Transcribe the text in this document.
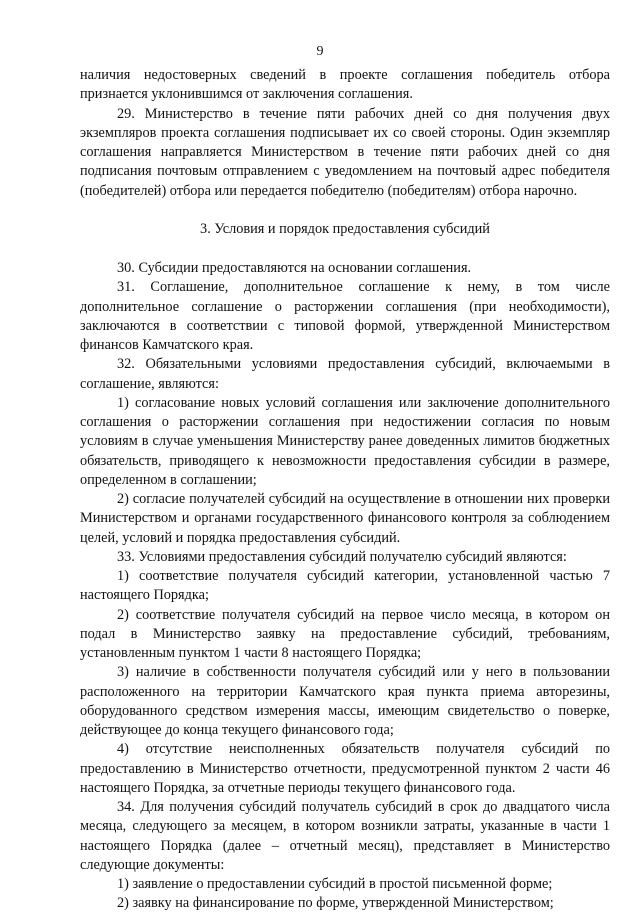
9

наличия недостоверных сведений в проекте соглашения победитель отбора признается уклонившимся от заключения соглашения.

29. Министерство в течение пяти рабочих дней со дня получения двух экземпляров проекта соглашения подписывает их со своей стороны. Один экземпляр соглашения направляется Министерством в течение пяти рабочих дней со дня подписания почтовым отправлением с уведомлением на почтовый адрес победителя (победителей) отбора или передается победителю (победителям) отбора нарочно.

3. Условия и порядок предоставления субсидий

30. Субсидии предоставляются на основании соглашения.

31. Соглашение, дополнительное соглашение к нему, в том числе дополнительное соглашение о расторжении соглашения (при необходимости), заключаются в соответствии с типовой формой, утвержденной Министерством финансов Камчатского края.

32. Обязательными условиями предоставления субсидий, включаемыми в соглашение, являются:

1) согласование новых условий соглашения или заключение дополнительного соглашения о расторжении соглашения при недостижении согласия по новым условиям в случае уменьшения Министерству ранее доведенных лимитов бюджетных обязательств, приводящего к невозможности предоставления субсидии в размере, определенном в соглашении;

2) согласие получателей субсидий на осуществление в отношении них проверки Министерством и органами государственного финансового контроля за соблюдением целей, условий и порядка предоставления субсидий.

33. Условиями предоставления субсидий получателю субсидий являются:

1) соответствие получателя субсидий категории, установленной частью 7 настоящего Порядка;

2) соответствие получателя субсидий на первое число месяца, в котором он подал в Министерство заявку на предоставление субсидий, требованиям, установленным пунктом 1 части 8 настоящего Порядка;

3) наличие в собственности получателя субсидий или у него в пользовании расположенного на территории Камчатского края пункта приема авторезины, оборудованного средством измерения массы, имеющим свидетельство о поверке, действующее до конца текущего финансового года;

4) отсутствие неисполненных обязательств получателя субсидий по предоставлению в Министерство отчетности, предусмотренной пунктом 2 части 46 настоящего Порядка, за отчетные периоды текущего финансового года.

34. Для получения субсидий получатель субсидий в срок до двадцатого числа месяца, следующего за месяцем, в котором возникли затраты, указанные в части 1 настоящего Порядка (далее – отчетный месяц), представляет в Министерство следующие документы:

1) заявление о предоставлении субсидий в простой письменной форме;

2) заявку на финансирование по форме, утвержденной Министерством;
